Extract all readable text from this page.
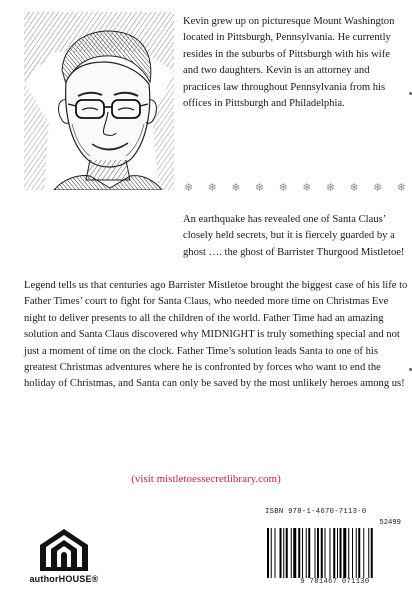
Kevin grew up on picturesque Mount Washington located in Pittsburgh, Pennsylvania. He currently resides in the suburbs of Pittsburgh with his wife and two daughters. Kevin is an attorney and practices law throughout Pennsylvania from his offices in Pittsburgh and Philadelphia.

❄ ❄ ❄ ❄ ❄ ❄ ❄ ❄ ❄ ❄

An earthquake has revealed one of Santa Claus’ closely held secrets, but it is fiercely guarded by a ghost …. the ghost of Barrister Thurgood Mistletoe!

Legend tells us that centuries ago Barrister Mistletoe brought the biggest case of his life to Father Times’ court to fight for Santa Claus, who needed more time on Christmas Eve night to deliver presents to all the children of the world. Father Time had an amazing solution and Santa Claus discovered why MIDNIGHT is truly something special and not just a moment of time on the clock. Father Time’s solution leads Santa to one of his greatest Christmas adventures where he is confronted by forces who want to end the holiday of Christmas, and Santa can only be saved by the most unlikely heroes among us!

(visit mistletoessecretlibrary.com)

authorHOUSE®
ISBN 978-1-4670-7113-0
52499
9 781467 071130
